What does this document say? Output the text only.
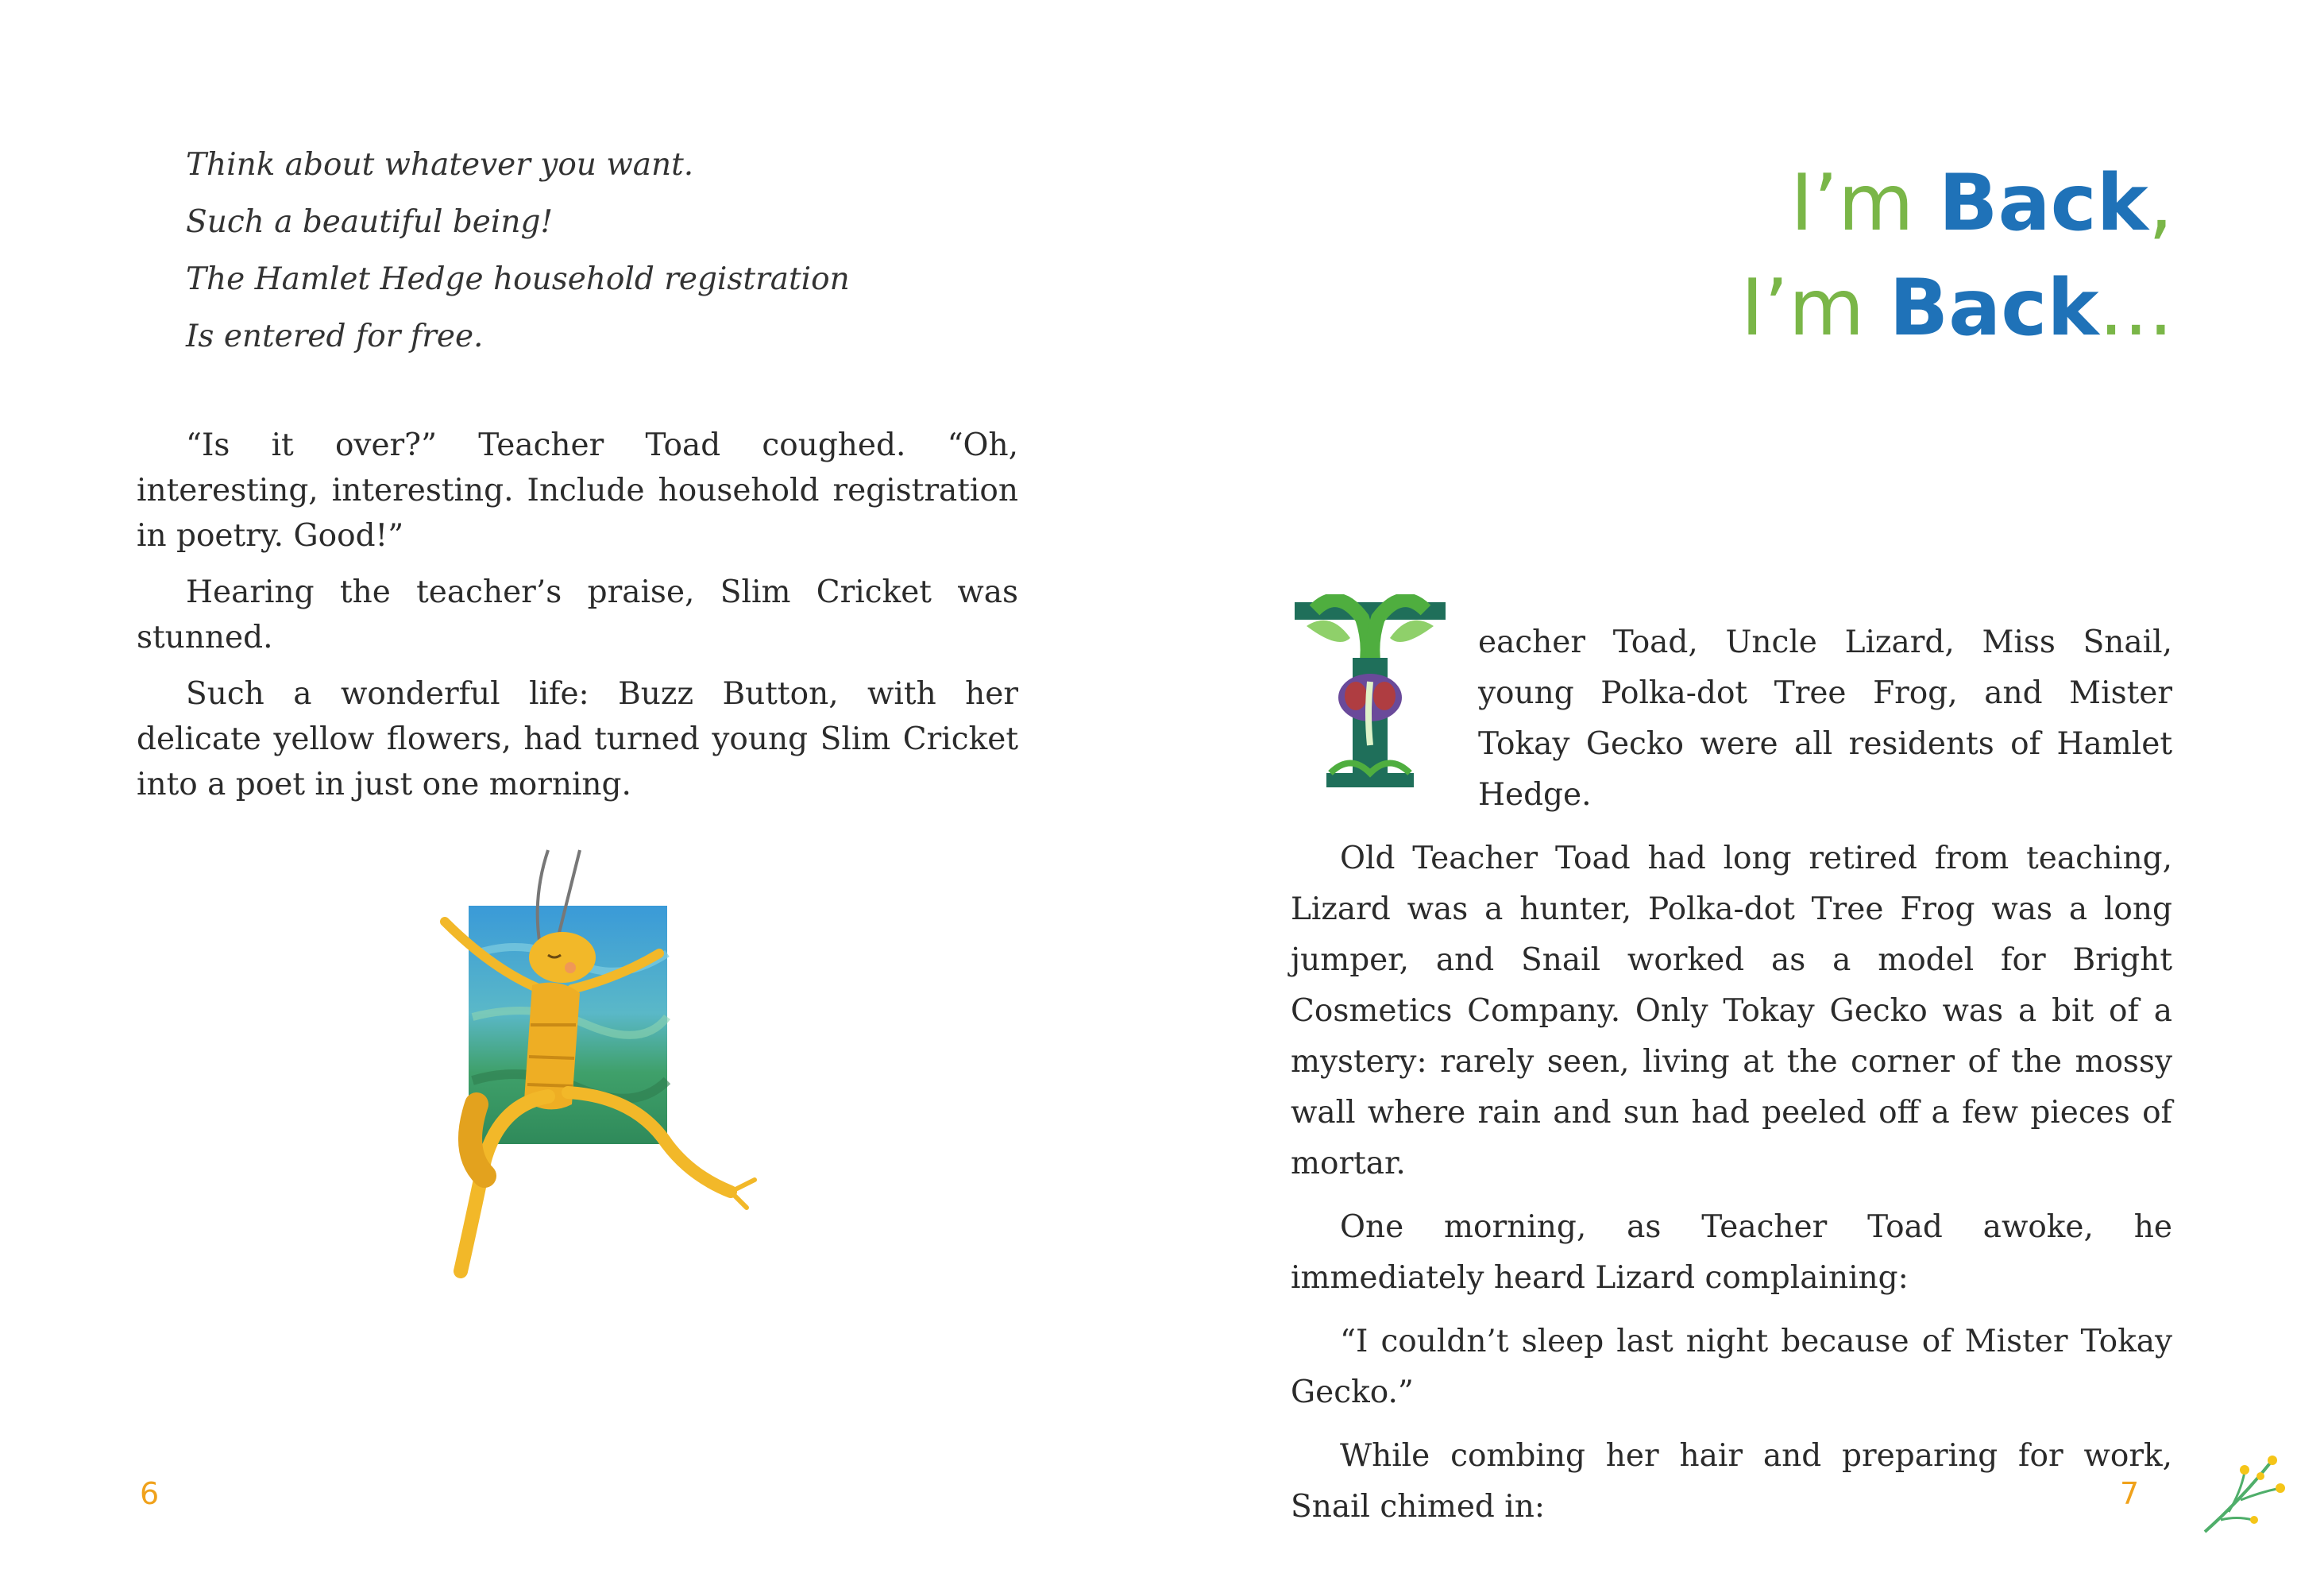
Think about whatever you want.
Such a beautiful being!
The Hamlet Hedge household registration
Is entered for free.

“Is it over?” Teacher Toad coughed. “Oh, interesting, interesting. Include household registration in poetry. Good!”

Hearing the teacher’s praise, Slim Cricket was stunned.

Such a wonderful life: Buzz Button, with her delicate yellow flowers, had turned young Slim Cricket into a poet in just one morning.

6
I’m Back,
I’m Back...

eacher Toad, Uncle Lizard, Miss Snail, young Polka-dot Tree Frog, and Mister Tokay Gecko were all residents of Hamlet Hedge.

Old Teacher Toad had long retired from teaching, Lizard was a hunter, Polka-dot Tree Frog was a long jumper, and Snail worked as a model for Bright Cosmetics Company. Only Tokay Gecko was a bit of a mystery: rarely seen, living at the corner of the mossy wall where rain and sun had peeled off a few pieces of mortar.

One morning, as Teacher Toad awoke, he immediately heard Lizard complaining:

“I couldn’t sleep last night because of Mister Tokay Gecko.”

While combing her hair and preparing for work, Snail chimed in:	7
